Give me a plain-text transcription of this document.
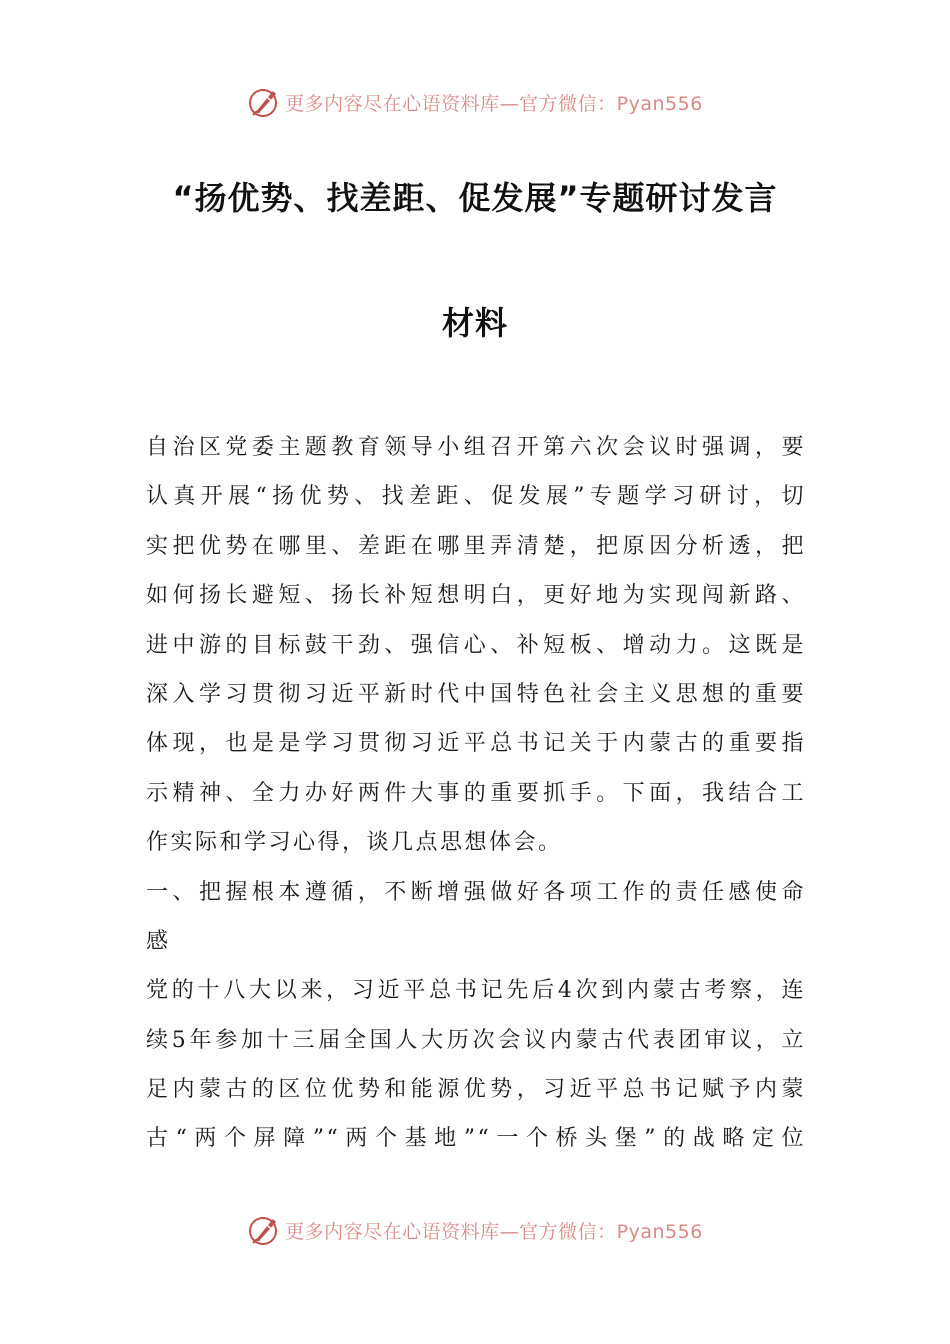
更多内容尽在心语资料库—官方微信：Pyan556
“扬优势、找差距、促发展”专题研讨发言
材料
自治区党委主题教育领导小组召开第六次会议时强调，要
认真开展“扬优势、找差距、促发展”专题学习研讨，切
实把优势在哪里、差距在哪里弄清楚，把原因分析透，把
如何扬长避短、扬长补短想明白，更好地为实现闯新路、
进中游的目标鼓干劲、强信心、补短板、增动力。这既是
深入学习贯彻习近平新时代中国特色社会主义思想的重要
体现，也是是学习贯彻习近平总书记关于内蒙古的重要指
示精神、全力办好两件大事的重要抓手。下面，我结合工
作实际和学习心得，谈几点思想体会。
一、把握根本遵循，不断增强做好各项工作的责任感使命
感
党的十八大以来，习近平总书记先后4次到内蒙古考察，连
续5年参加十三届全国人大历次会议内蒙古代表团审议，立
足内蒙古的区位优势和能源优势，习近平总书记赋予内蒙
古“两个屏障”“两个基地”“一个桥头堡”的战略定位
更多内容尽在心语资料库—官方微信：Pyan556
